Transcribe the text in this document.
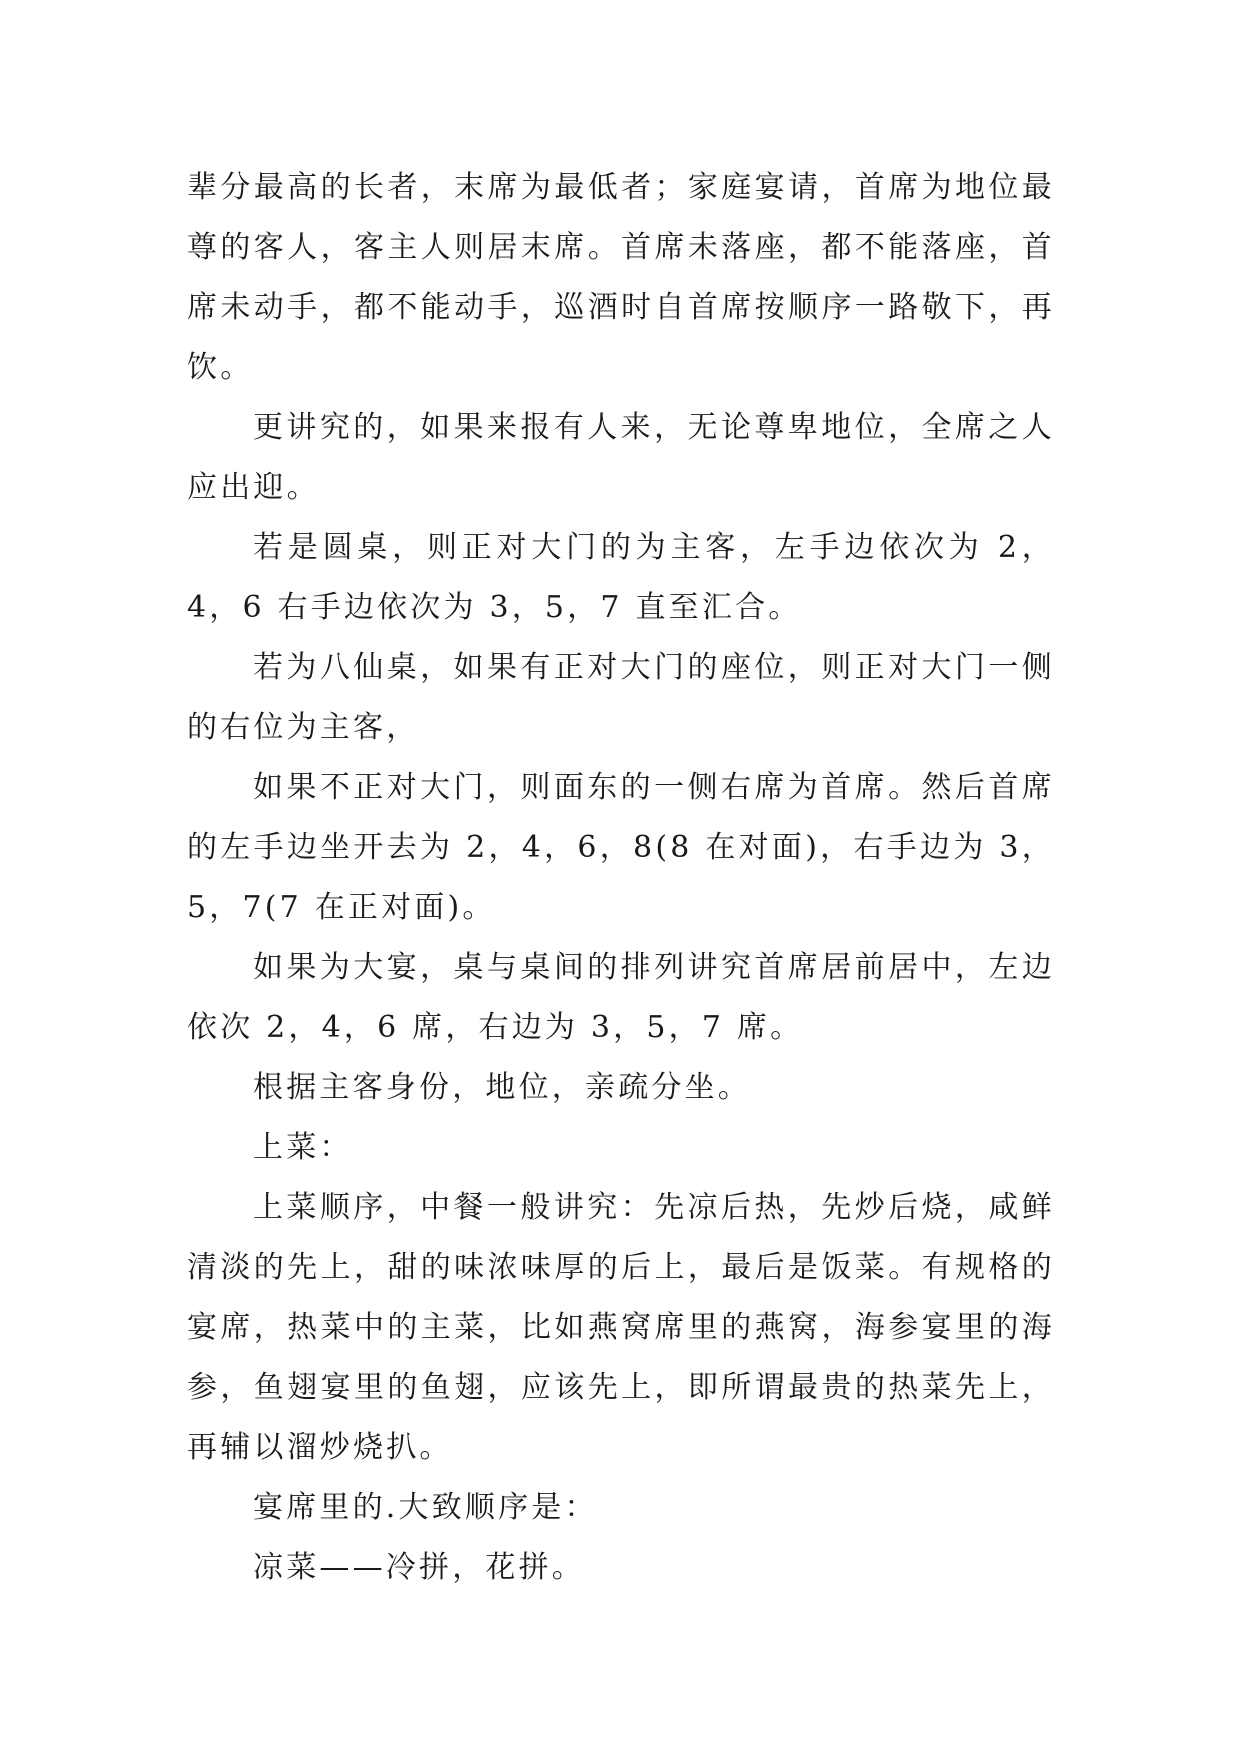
辈分最高的长者，末席为最低者；家庭宴请，首席为地位最尊的客人，客主人则居末席。首席未落座，都不能落座，首席未动手，都不能动手，巡酒时自首席按顺序一路敬下，再饮。

更讲究的，如果来报有人来，无论尊卑地位，全席之人应出迎。

若是圆桌，则正对大门的为主客，左手边依次为 2，4，6 右手边依次为 3，5，7 直至汇合。

若为八仙桌，如果有正对大门的座位，则正对大门一侧的右位为主客，

如果不正对大门，则面东的一侧右席为首席。然后首席的左手边坐开去为 2，4，6，8(8 在对面)，右手边为 3，5，7(7 在正对面)。

如果为大宴，桌与桌间的排列讲究首席居前居中，左边依次 2，4，6 席，右边为 3，5，7 席。

根据主客身份，地位，亲疏分坐。

上菜：

上菜顺序，中餐一般讲究：先凉后热，先炒后烧，咸鲜清淡的先上，甜的味浓味厚的后上，最后是饭菜。有规格的宴席，热菜中的主菜，比如燕窝席里的燕窝，海参宴里的海参，鱼翅宴里的鱼翅，应该先上，即所谓最贵的热菜先上，再辅以溜炒烧扒。

宴席里的.大致顺序是：

凉菜——冷拼，花拼。
